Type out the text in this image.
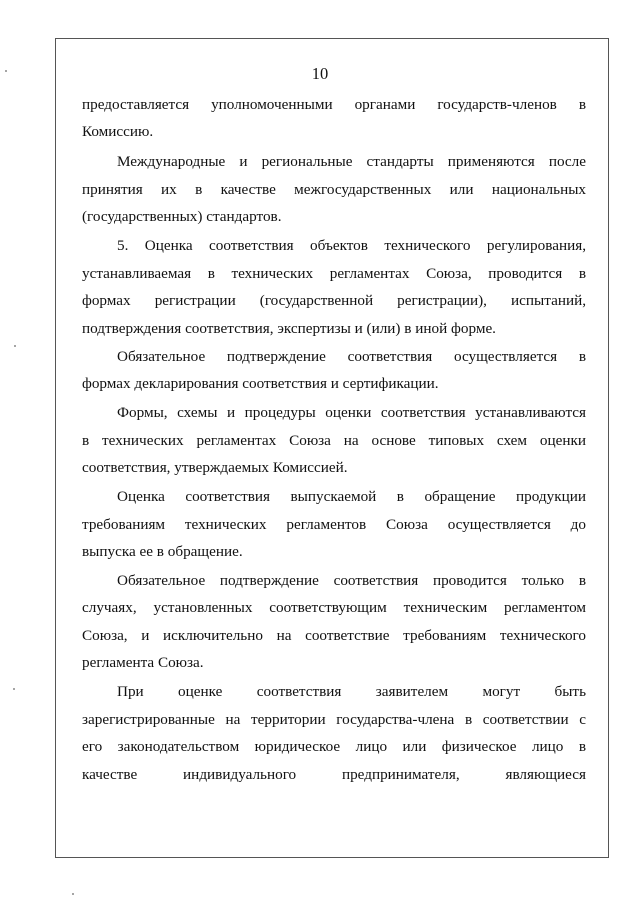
10
предоставляется уполномоченными органами государств-членов в
Комиссию.
Международные и региональные стандарты применяются после
принятия их в качестве межгосударственных или национальных
(государственных) стандартов.
5. Оценка соответствия объектов технического регулирования,
устанавливаемая в технических регламентах Союза, проводится в
формах регистрации (государственной регистрации), испытаний,
подтверждения соответствия, экспертизы и (или) в иной форме.
Обязательное подтверждение соответствия осуществляется в
формах декларирования соответствия и сертификации.
Формы, схемы и процедуры оценки соответствия устанавливаются
в технических регламентах Союза на основе типовых схем оценки
соответствия, утверждаемых Комиссией.
Оценка соответствия выпускаемой в обращение продукции
требованиям технических регламентов Союза осуществляется до
выпуска ее в обращение.
Обязательное подтверждение соответствия проводится только в
случаях, установленных соответствующим техническим регламентом
Союза, и исключительно на соответствие требованиям технического
регламента Союза.
При оценке соответствия заявителем могут быть
зарегистрированные на территории государства-члена в соответствии с
его законодательством юридическое лицо или физическое лицо в
качестве индивидуального предпринимателя, являющиеся
